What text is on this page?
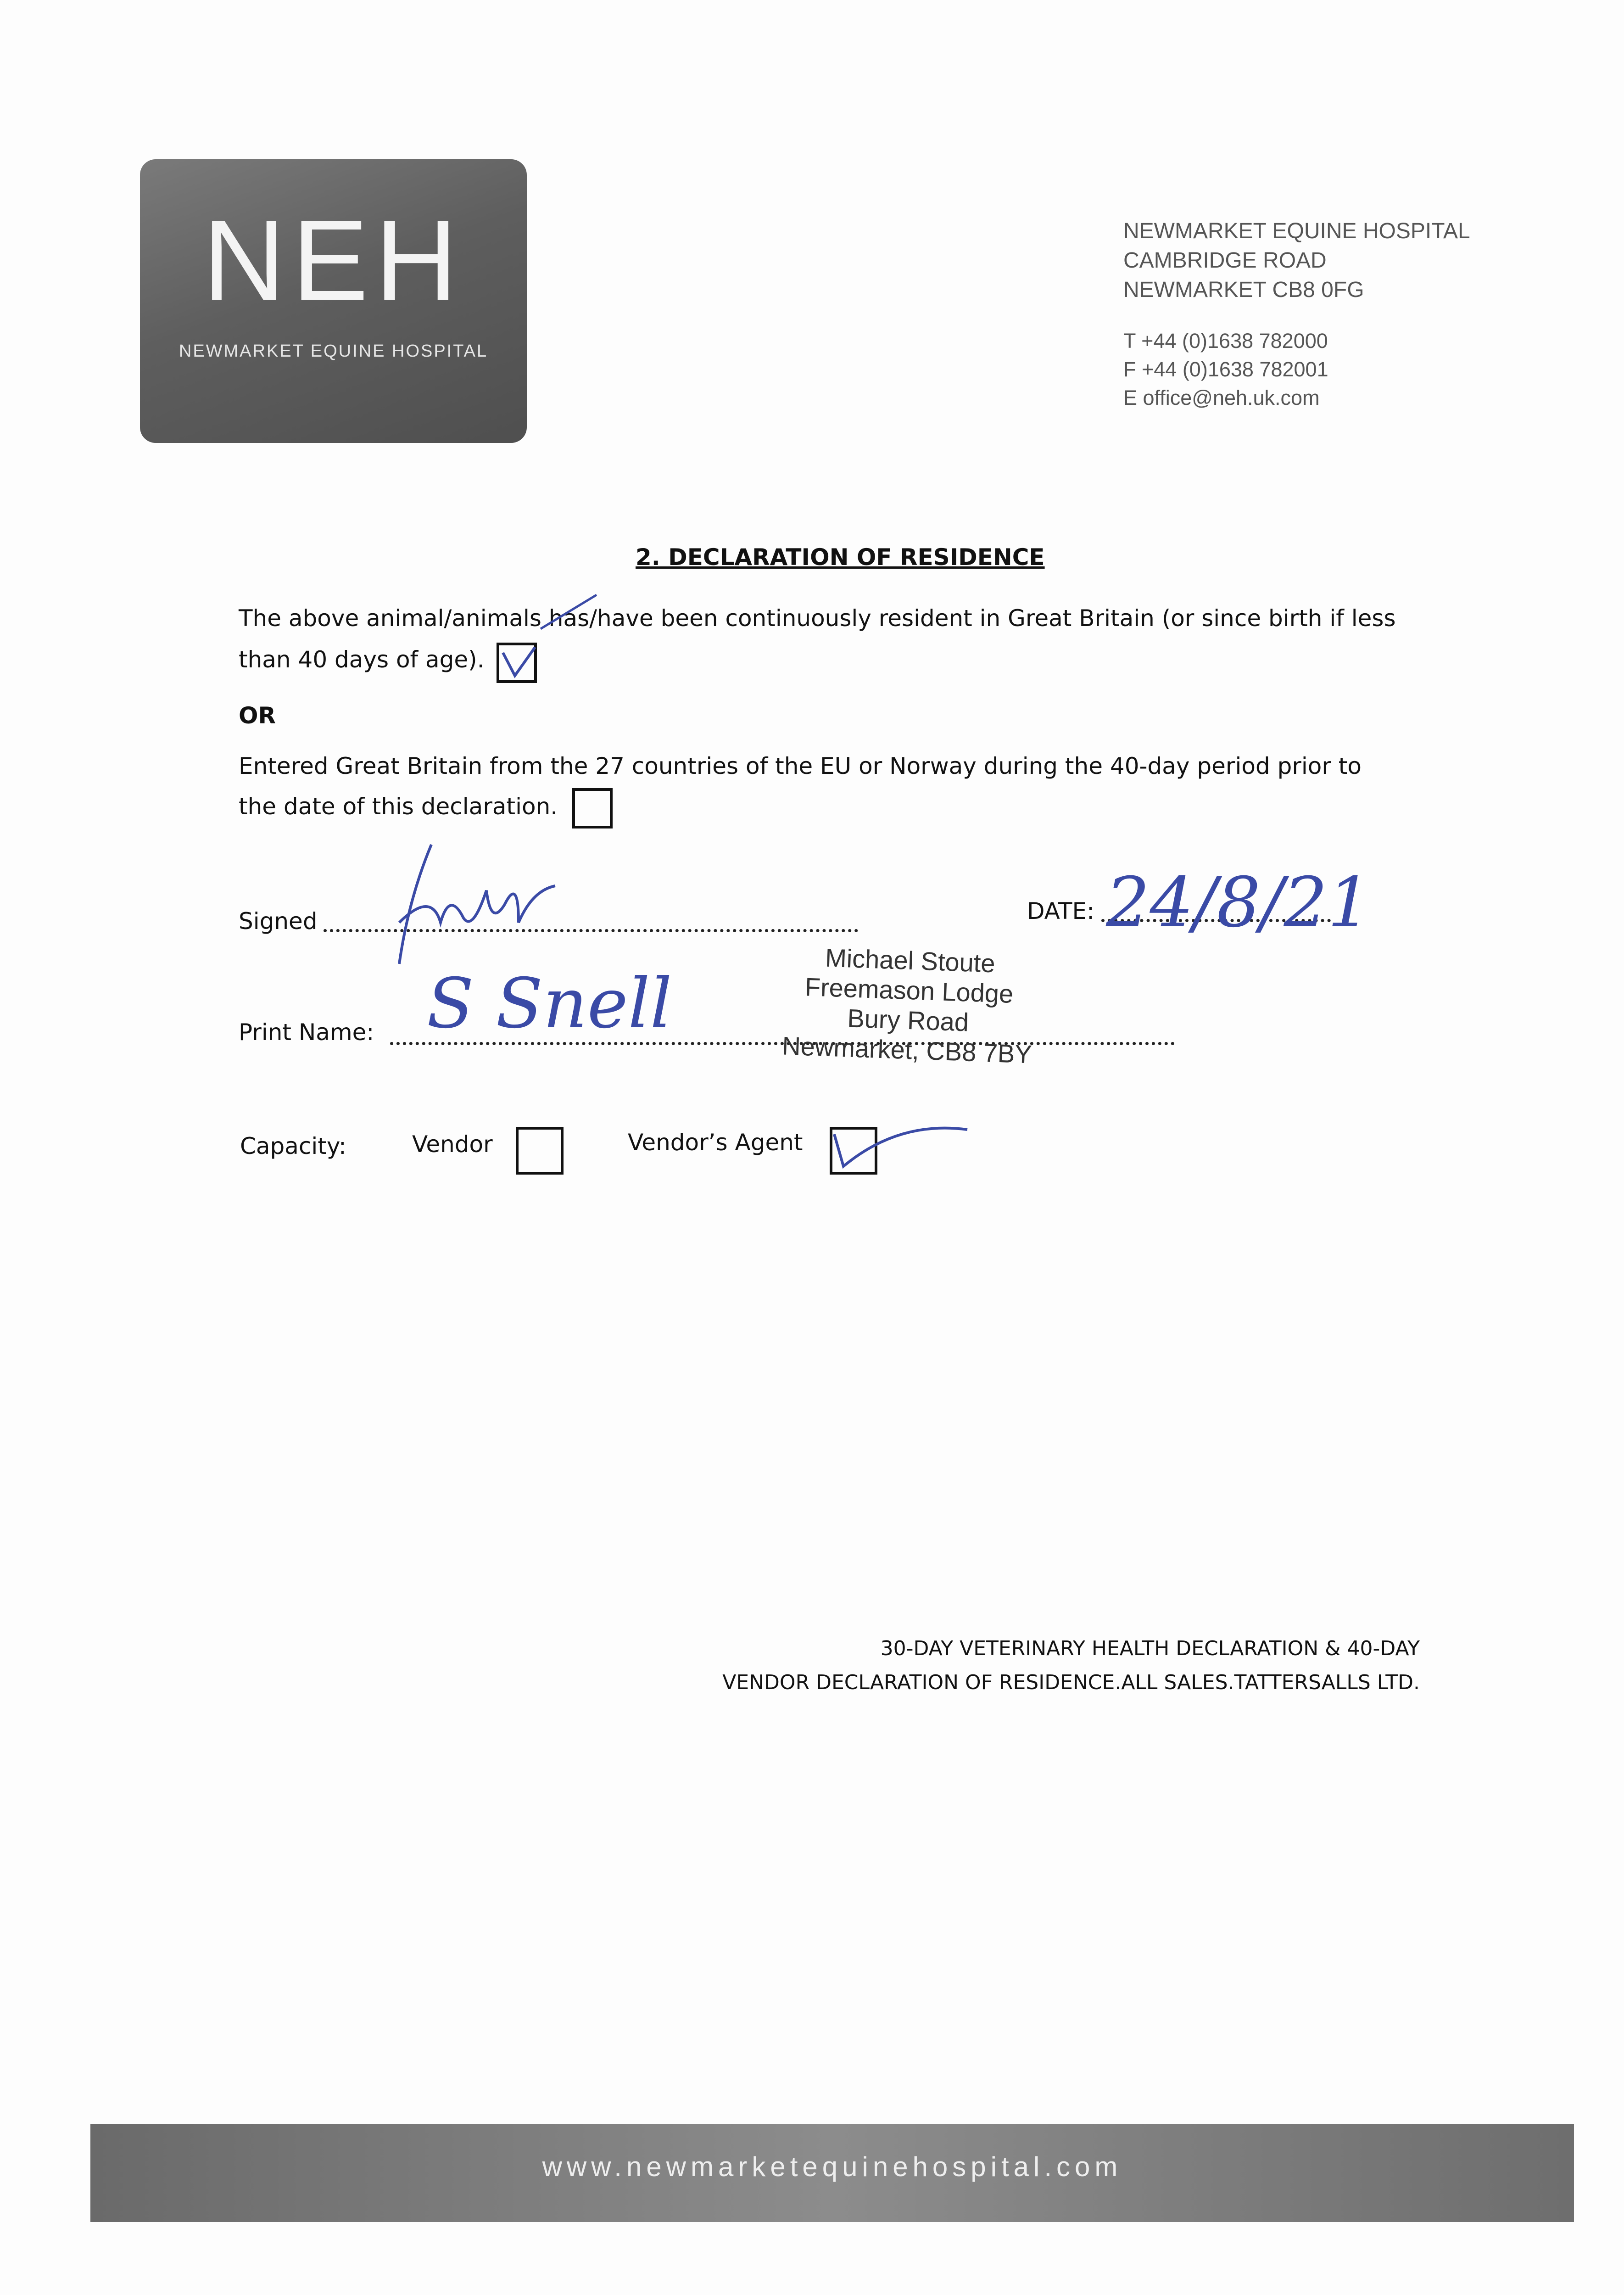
NEH
NEWMARKET EQUINE HOSPITAL
NEWMARKET EQUINE HOSPITAL
CAMBRIDGE ROAD
NEWMARKET CB8 0FG
T +44 (0)1638 782000
F +44 (0)1638 782001
E office@neh.uk.com
2. DECLARATION OF RESIDENCE
The above animal/animals has/have been continuously resident in Great Britain (or since birth if less
than 40 days of age).
OR
Entered Great Britain from the 27 countries of the EU or Norway during the 40-day period prior to
the date of this declaration.
Signed	DATE: 24/8/21
Print Name: S Snell
Michael Stoute
Freemason Lodge
Bury Road
Newmarket, CB8 7BY
Capacity:	Vendor	Vendor’s Agent
30-DAY VETERINARY HEALTH DECLARATION & 40-DAY
VENDOR DECLARATION OF RESIDENCE.ALL SALES.TATTERSALLS LTD.
www.newmarketequinehospital.com
